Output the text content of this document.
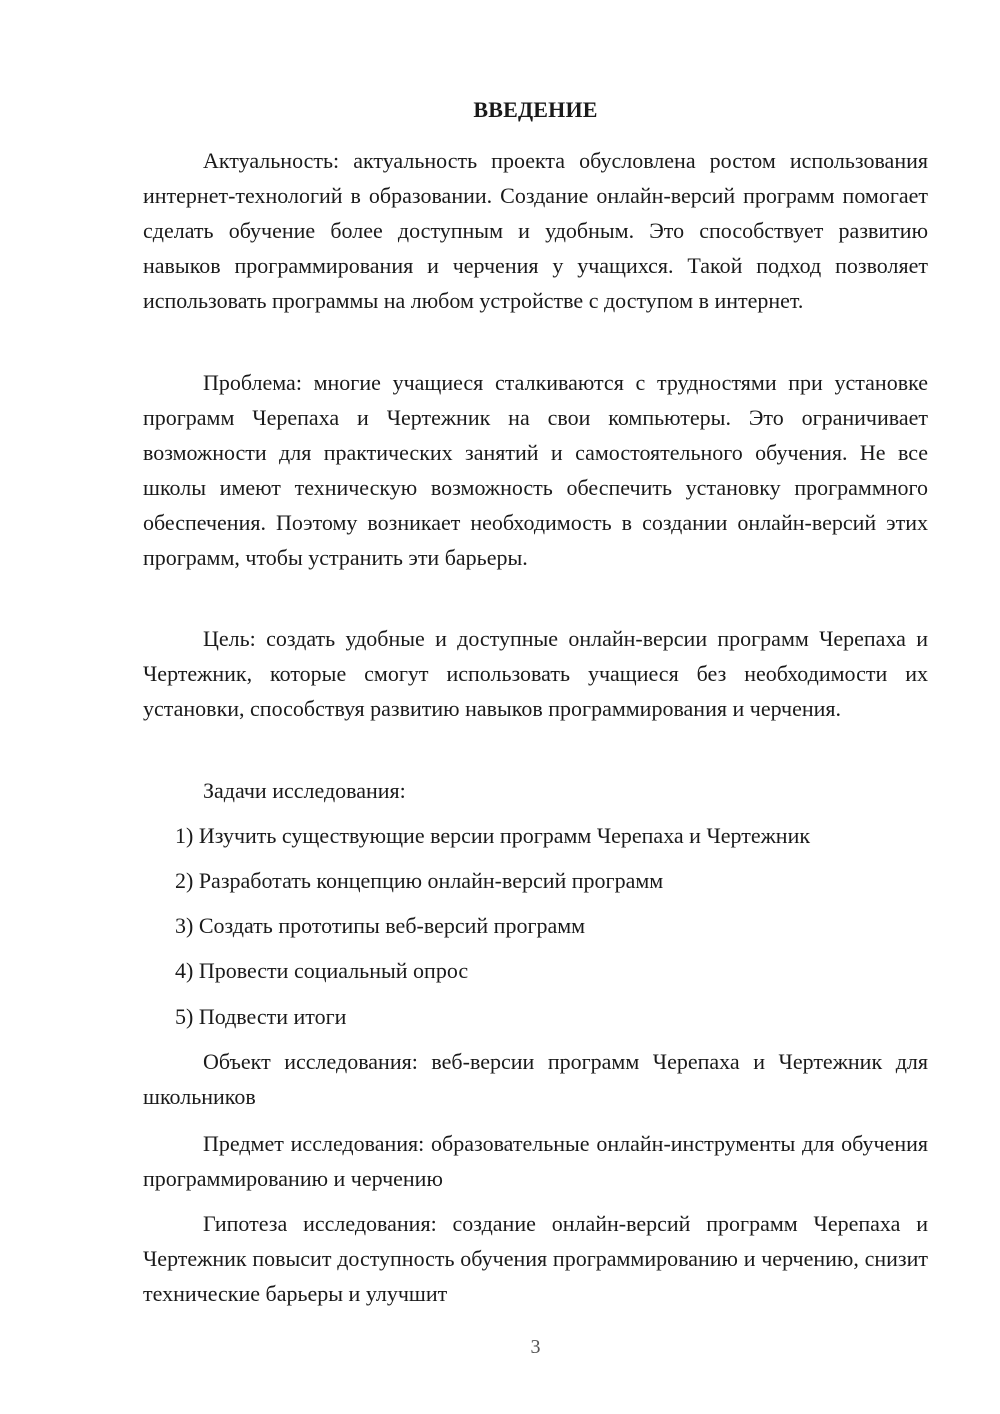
ВВЕДЕНИЕ

Актуальность: актуальность проекта обусловлена ростом использования интернет-технологий в образовании. Создание онлайн-версий программ помогает сделать обучение более доступным и удобным. Это способствует развитию навыков программирования и черчения у учащихся. Такой подход позволяет использовать программы на любом устройстве с доступом в интернет.

Проблема: многие учащиеся сталкиваются с трудностями при установке программ Черепаха и Чертежник на свои компьютеры. Это ограничивает возможности для практических занятий и самостоятельного обучения. Не все школы имеют техническую возможность обеспечить установку программного обеспечения. Поэтому возникает необходимость в создании онлайн-версий этих программ, чтобы устранить эти барьеры.

Цель: создать удобные и доступные онлайн-версии программ Черепаха и Чертежник, которые смогут использовать учащиеся без необходимости их установки, способствуя развитию навыков программирования и черчения.

Задачи исследования:

1) Изучить существующие версии программ Черепаха и Чертежник

2) Разработать концепцию онлайн-версий программ

3) Создать прототипы веб-версий программ

4) Провести социальный опрос

5) Подвести итоги

Объект исследования: веб-версии программ Черепаха и Чертежник для школьников

Предмет исследования: образовательные онлайн-инструменты для обучения программированию и черчению

Гипотеза исследования: создание онлайн-версий программ Черепаха и Чертежник повысит доступность обучения программированию и черчению, снизит технические барьеры и улучшит

3
